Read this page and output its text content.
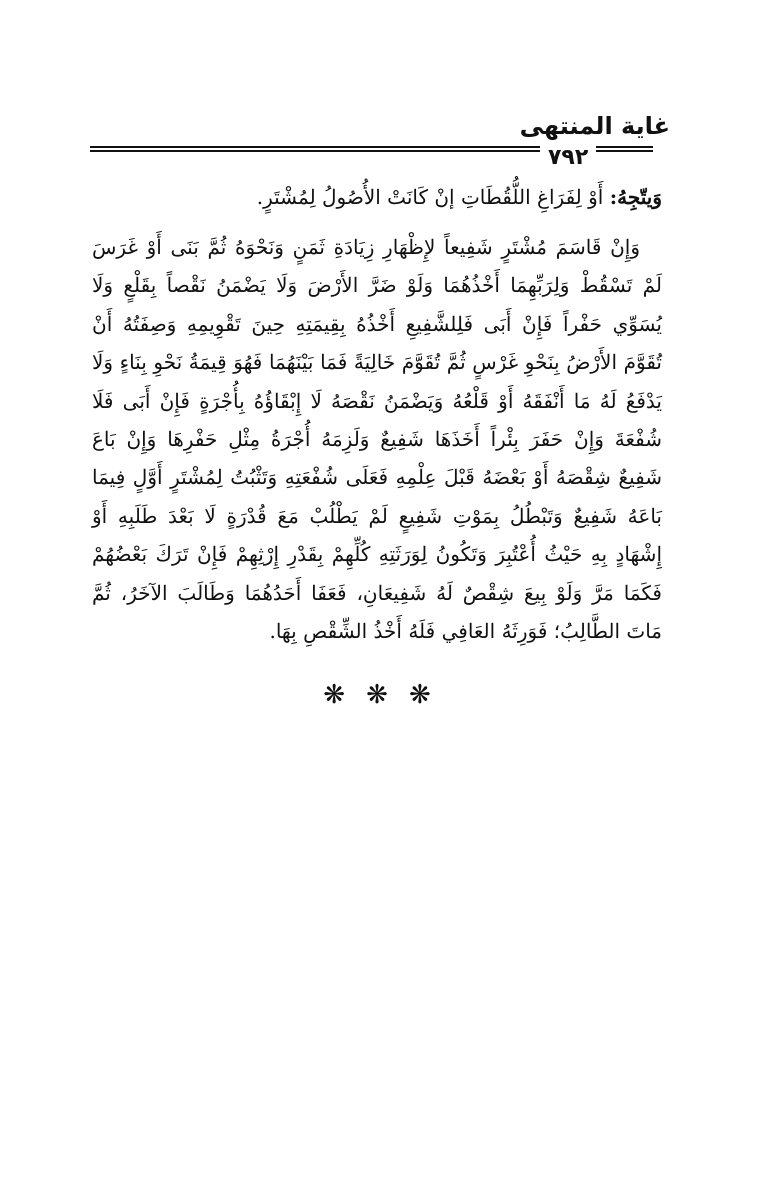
غاية المنتهى
٧٩٢

وَيتّجِهُ: أَوْ لِفَرَاغِ اللُّقُطَاتِ إنْ كَانَتْ الأُصُولُ لِمُشْتَرٍ.

وَإِنْ قَاسَمَ مُشْتَرٍ شَفِيعاً لإِظْهَارِ زِيَادَةِ ثَمَنٍ وَنَحْوَهُ ثُمَّ بَنَى أَوْ غَرَسَ لَمْ تَسْقُطْ وَلِرَبِّهِمَا أَخْذُهُمَا وَلَوْ ضَرَّ الأَرْضَ وَلَا يَضْمَنُ نَقْصاً بِقَلْعٍ وَلَا يُسَوِّي حَفْراً فَإِنْ أَبَى فَلِلشَّفِيعِ أَخْذُهُ بِقِيمَتِهِ حِينَ تَقْوِيمِهِ وَصِفَتُهُ أَنْ تُقَوَّمَ الأَرْضُ بِنَحْوِ غَرْسٍ ثُمَّ تُقَوَّمَ خَالِيَةً فَمَا بَيْنَهُمَا فَهُوَ قِيمَةُ نَحْوِ بِنَاءٍ وَلَا يَدْفَعُ لَهُ مَا أَنْفَقَهُ أَوْ قَلْعُهُ وَيَضْمَنُ نَقْصَهُ لَا إِبْقَاؤُهُ بِأُجْرَةٍ فَإِنْ أَبَى فَلَا شُفْعَةَ وَإِنْ حَفَرَ بِئْراً أَخَذَهَا شَفِيعٌ وَلَزِمَهُ أُجْرَةُ مِثْلِ حَفْرِهَا وَإِنْ بَاعَ شَفِيعٌ شِقْصَهُ أَوْ بَعْضَهُ قَبْلَ عِلْمِهِ فَعَلَى شُفْعَتِهِ وَتَثْبُتُ لِمُشْتَرٍ أَوَّلٍ فِيمَا بَاعَهُ شَفِيعٌ وَتَبْطُلُ بِمَوْتِ شَفِيعٍ لَمْ يَطْلُبْ مَعَ قُدْرَةٍ لَا بَعْدَ طَلَبِهِ أَوْ إِشْهَادٍ بِهِ حَيْثُ أُعْتُبِرَ وَتَكُونُ لِوَرَثَتِهِ كُلِّهِمْ بِقَدْرِ إِرْثِهِمْ فَإِنْ تَرَكَ بَعْضُهُمْ فَكَمَا مَرَّ وَلَوْ بِيعَ شِقْصٌ لَهُ شَفِيعَانِ، فَعَفَا أَحَدُهُمَا وَطَالَبَ الآخَرُ، ثُمَّ مَاتَ الطَّالِبُ؛ فَوَرِثَهُ العَافِي فَلَهُ أَخْذُ الشِّقْصِ بِهَا.

❋ ❋ ❋
